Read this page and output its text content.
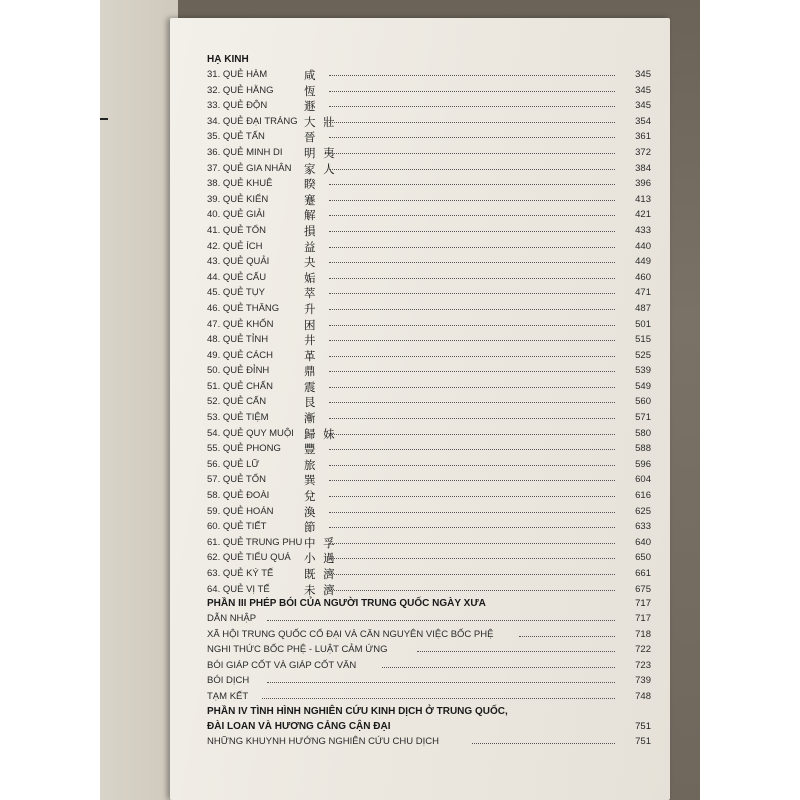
HẠ KINH
31. QUẺ HÀM	咸	345
32. QUẺ HẰNG	恆	345
33. QUẺ ĐỘN	遯	345
34. QUẺ ĐẠI TRÁNG 大 壯	354
35. QUẺ TẤN	晉	361
36. QUẺ MINH DI 明 夷	372
37. QUẺ GIA NHÂN 家 人	384
38. QUẺ KHUÊ	睽	396
39. QUẺ KIỂN	蹇	413
40. QUẺ GIẢI	解	421
41. QUẺ TỔN	損	433
42. QUẺ ÍCH	益	440
43. QUẺ QUẢI	夬	449
44. QUẺ CẤU	姤	460
45. QUẺ TỤY	萃	471
46. QUẺ THĂNG 升	487
47. QUẺ KHỐN	困	501
48. QUẺ TỈNH	井	515
49. QUẺ CÁCH	革	525
50. QUẺ ĐỈNH	鼎	539
51. QUẺ CHẤN	震	549
52. QUẺ CẤN	艮	560
53. QUẺ TIỆM	漸	571
54. QUẺ QUY MUỘI 歸 妹	580
55. QUẺ PHONG 豐	588
56. QUẺ LỮ	旅	596
57. QUẺ TỐN	巽	604
58. QUẺ ĐOÀI	兌	616
59. QUẺ HOÁN	渙	625
60. QUẺ TIẾT	節	633
61. QUẺ TRUNG PHU 中 孚	640
62. QUẺ TIỂU QUÁ 小 過	650
63. QUẺ KÝ TẾ	既 濟	661
64. QUẺ VỊ TẾ	未 濟	675
PHẦN III PHÉP BÓI CỦA NGƯỜI TRUNG QUỐC NGÀY XƯA	717
DẪN NHẬP	717
XÃ HỘI TRUNG QUỐC CỔ ĐẠI VÀ CĂN NGUYÊN VIỆC BỐC PHỆ	718
NGHI THỨC BỐC PHỆ - LUẬT CẢM ỨNG	722
BÓI GIÁP CỐT VÀ GIÁP CỐT VĂN	723
BÓI DỊCH	739
TẠM KẾT	748
PHẦN IV TÌNH HÌNH NGHIÊN CỨU KINH DỊCH Ở TRUNG QUỐC,
ĐÀI LOAN VÀ HƯƠNG CẢNG CẬN ĐẠI	751
NHỮNG KHUYNH HƯỚNG NGHIÊN CỨU CHU DỊCH	751
